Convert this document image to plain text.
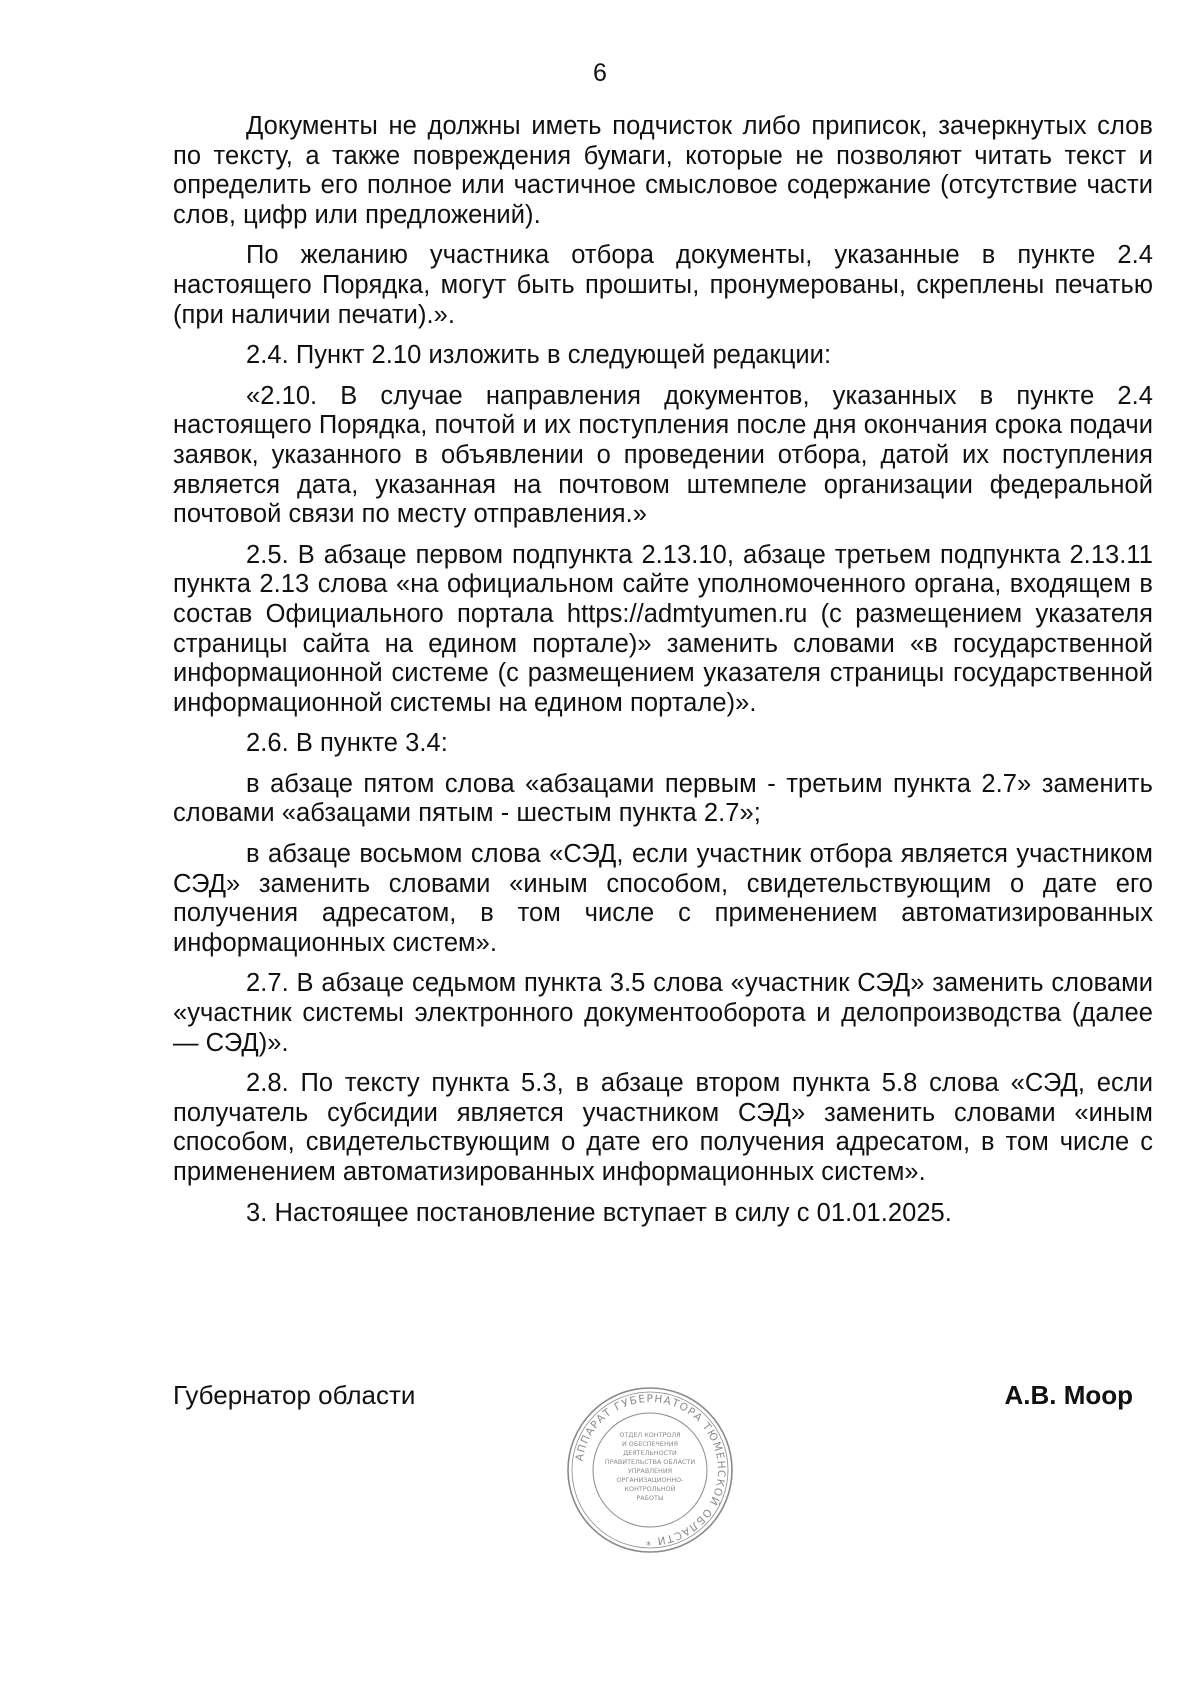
6

Документы не должны иметь подчисток либо приписок, зачеркнутых слов по тексту, а также повреждения бумаги, которые не позволяют читать текст и определить его полное или частичное смысловое содержание (отсутствие части слов, цифр или предложений).

По желанию участника отбора документы, указанные в пункте 2.4 настоящего Порядка, могут быть прошиты, пронумерованы, скреплены печатью (при наличии печати).».

2.4. Пункт 2.10 изложить в следующей редакции:

«2.10. В случае направления документов, указанных в пункте 2.4 настоящего Порядка, почтой и их поступления после дня окончания срока подачи заявок, указанного в объявлении о проведении отбора, датой их поступления является дата, указанная на почтовом штемпеле организации федеральной почтовой связи по месту отправления.»

2.5. В абзаце первом подпункта 2.13.10, абзаце третьем подпункта 2.13.11 пункта 2.13 слова «на официальном сайте уполномоченного органа, входящем в состав Официального портала https://admtyumen.ru (с размещением указателя страницы сайта на едином портале)» заменить словами «в государственной информационной системе (с размещением указателя страницы государственной информационной системы на едином портале)».

2.6. В пункте 3.4:

в абзаце пятом слова «абзацами первым - третьим пункта 2.7» заменить словами «абзацами пятым - шестым пункта 2.7»;

в абзаце восьмом слова «СЭД, если участник отбора является участником СЭД» заменить словами «иным способом, свидетельствующим о дате его получения адресатом, в том числе с применением автоматизированных информационных систем».

2.7. В абзаце седьмом пункта 3.5 слова «участник СЭД» заменить словами «участник системы электронного документооборота и делопроизводства (далее — СЭД)».

2.8. По тексту пункта 5.3, в абзаце втором пункта 5.8 слова «СЭД, если получатель субсидии является участником СЭД» заменить словами «иным способом, свидетельствующим о дате его получения адресатом, в том числе с применением автоматизированных информационных систем».

3. Настоящее постановление вступает в силу с 01.01.2025.

Губернатор области	А.В. Моор
АППАРАТ ГУБЕРНАТОРА ТЮМЕНСКОЙ ОБЛАСТИ *
ОТДЕЛ КОНТРОЛЯ
И ОБЕСПЕЧЕНИЯ
ДЕЯТЕЛЬНОСТИ
ПРАВИТЕЛЬСТВА ОБЛАСТИ
УПРАВЛЕНИЯ
ОРГАНИЗАЦИОННО-
КОНТРОЛЬНОЙ
РАБОТЫ
